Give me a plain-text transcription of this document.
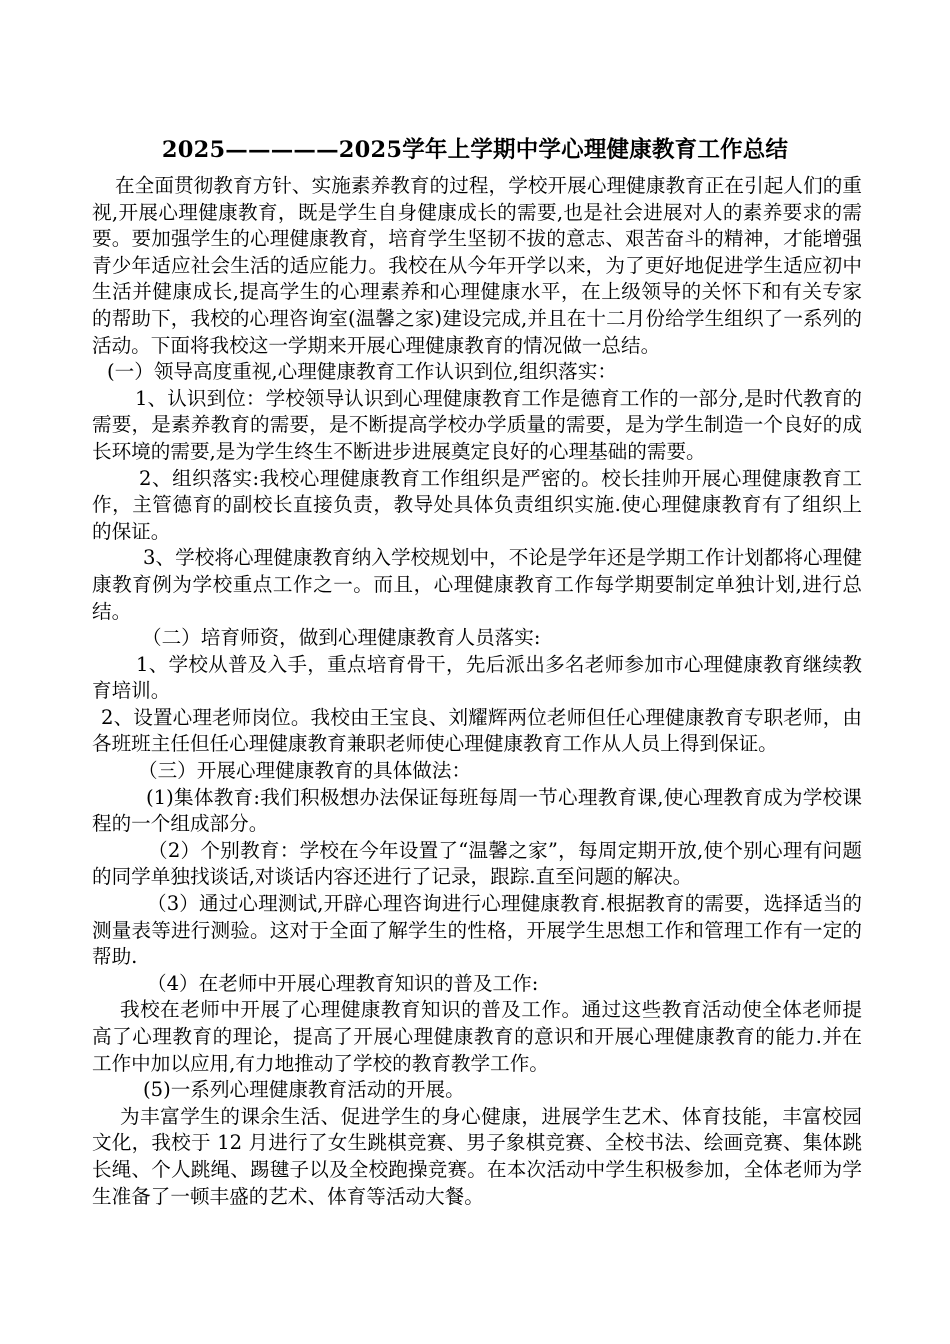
2025—————2025学年上学期中学心理健康教育工作总结

在全面贯彻教育方针、实施素养教育的过程，学校开展心理健康教育正在引起人们的重视,开展心理健康教育，既是学生自身健康成长的需要,也是社会进展对人的素养要求的需要。要加强学生的心理健康教育，培育学生坚韧不拔的意志、艰苦奋斗的精神，才能增强青少年适应社会生活的适应能力。我校在从今年开学以来，为了更好地促进学生适应初中生活并健康成长,提高学生的心理素养和心理健康水平，在上级领导的关怀下和有关专家的帮助下，我校的心理咨询室(温馨之家)建设完成,并且在十二月份给学生组织了一系列的活动。下面将我校这一学期来开展心理健康教育的情况做一总结。

(一）领导高度重视,心理健康教育工作认识到位,组织落实：

1、认识到位：学校领导认识到心理健康教育工作是德育工作的一部分,是时代教育的需要，是素养教育的需要，是不断提高学校办学质量的需要，是为学生制造一个良好的成长环境的需要,是为学生终生不断进步进展奠定良好的心理基础的需要。

2、组织落实:我校心理健康教育工作组织是严密的。校长挂帅开展心理健康教育工作，主管德育的副校长直接负责，教导处具体负责组织实施.使心理健康教育有了组织上的保证。

3、学校将心理健康教育纳入学校规划中，不论是学年还是学期工作计划都将心理健康教育例为学校重点工作之一。而且，心理健康教育工作每学期要制定单独计划,进行总结。

（二）培育师资，做到心理健康教育人员落实:

1、学校从普及入手，重点培育骨干，先后派出多名老师参加市心理健康教育继续教育培训。

2、设置心理老师岗位。我校由王宝良、刘耀辉两位老师但任心理健康教育专职老师，由各班班主任但任心理健康教育兼职老师使心理健康教育工作从人员上得到保证。

（三）开展心理健康教育的具体做法：

(1)集体教育:我们积极想办法保证每班每周一节心理教育课,使心理教育成为学校课程的一个组成部分。

（2）个别教育：学校在今年设置了“温馨之家”，每周定期开放,使个别心理有问题的同学单独找谈话,对谈话内容还进行了记录，跟踪.直至问题的解决。

（3）通过心理测试,开辟心理咨询进行心理健康教育.根据教育的需要，选择适当的测量表等进行测验。这对于全面了解学生的性格，开展学生思想工作和管理工作有一定的帮助.

（4）在老师中开展心理教育知识的普及工作:

我校在老师中开展了心理健康教育知识的普及工作。通过这些教育活动使全体老师提高了心理教育的理论，提高了开展心理健康教育的意识和开展心理健康教育的能力.并在工作中加以应用,有力地推动了学校的教育教学工作。

(5)一系列心理健康教育活动的开展。

为丰富学生的课余生活、促进学生的身心健康，进展学生艺术、体育技能，丰富校园文化，我校于 12 月进行了女生跳棋竞赛、男子象棋竞赛、全校书法、绘画竞赛、集体跳长绳、个人跳绳、踢毽子以及全校跑操竞赛。在本次活动中学生积极参加，全体老师为学生准备了一顿丰盛的艺术、体育等活动大餐。
